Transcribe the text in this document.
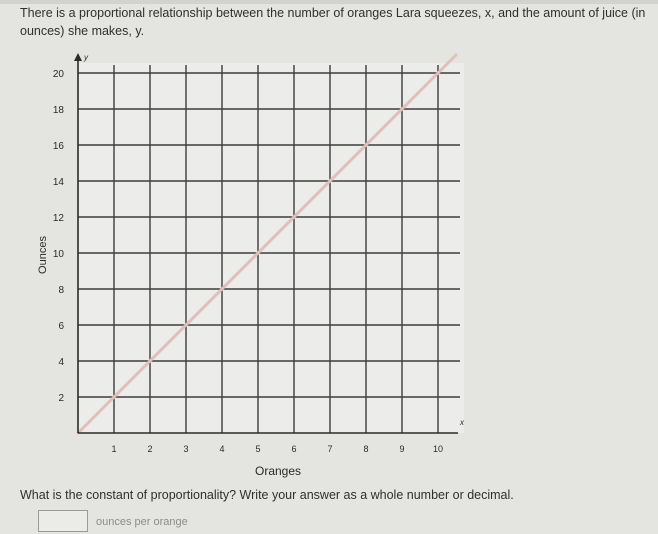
There is a proportional relationship between the number of oranges Lara squeezes, x, and the amount of juice (in ounces) she makes, y.
2
4
6
8
10
12
14
16
18
20
1	2	3	4	5	6	7	8	9	10
x
y
Oranges
Ounces
What is the constant of proportionality? Write your answer as a whole number or decimal.
ounces per orange
